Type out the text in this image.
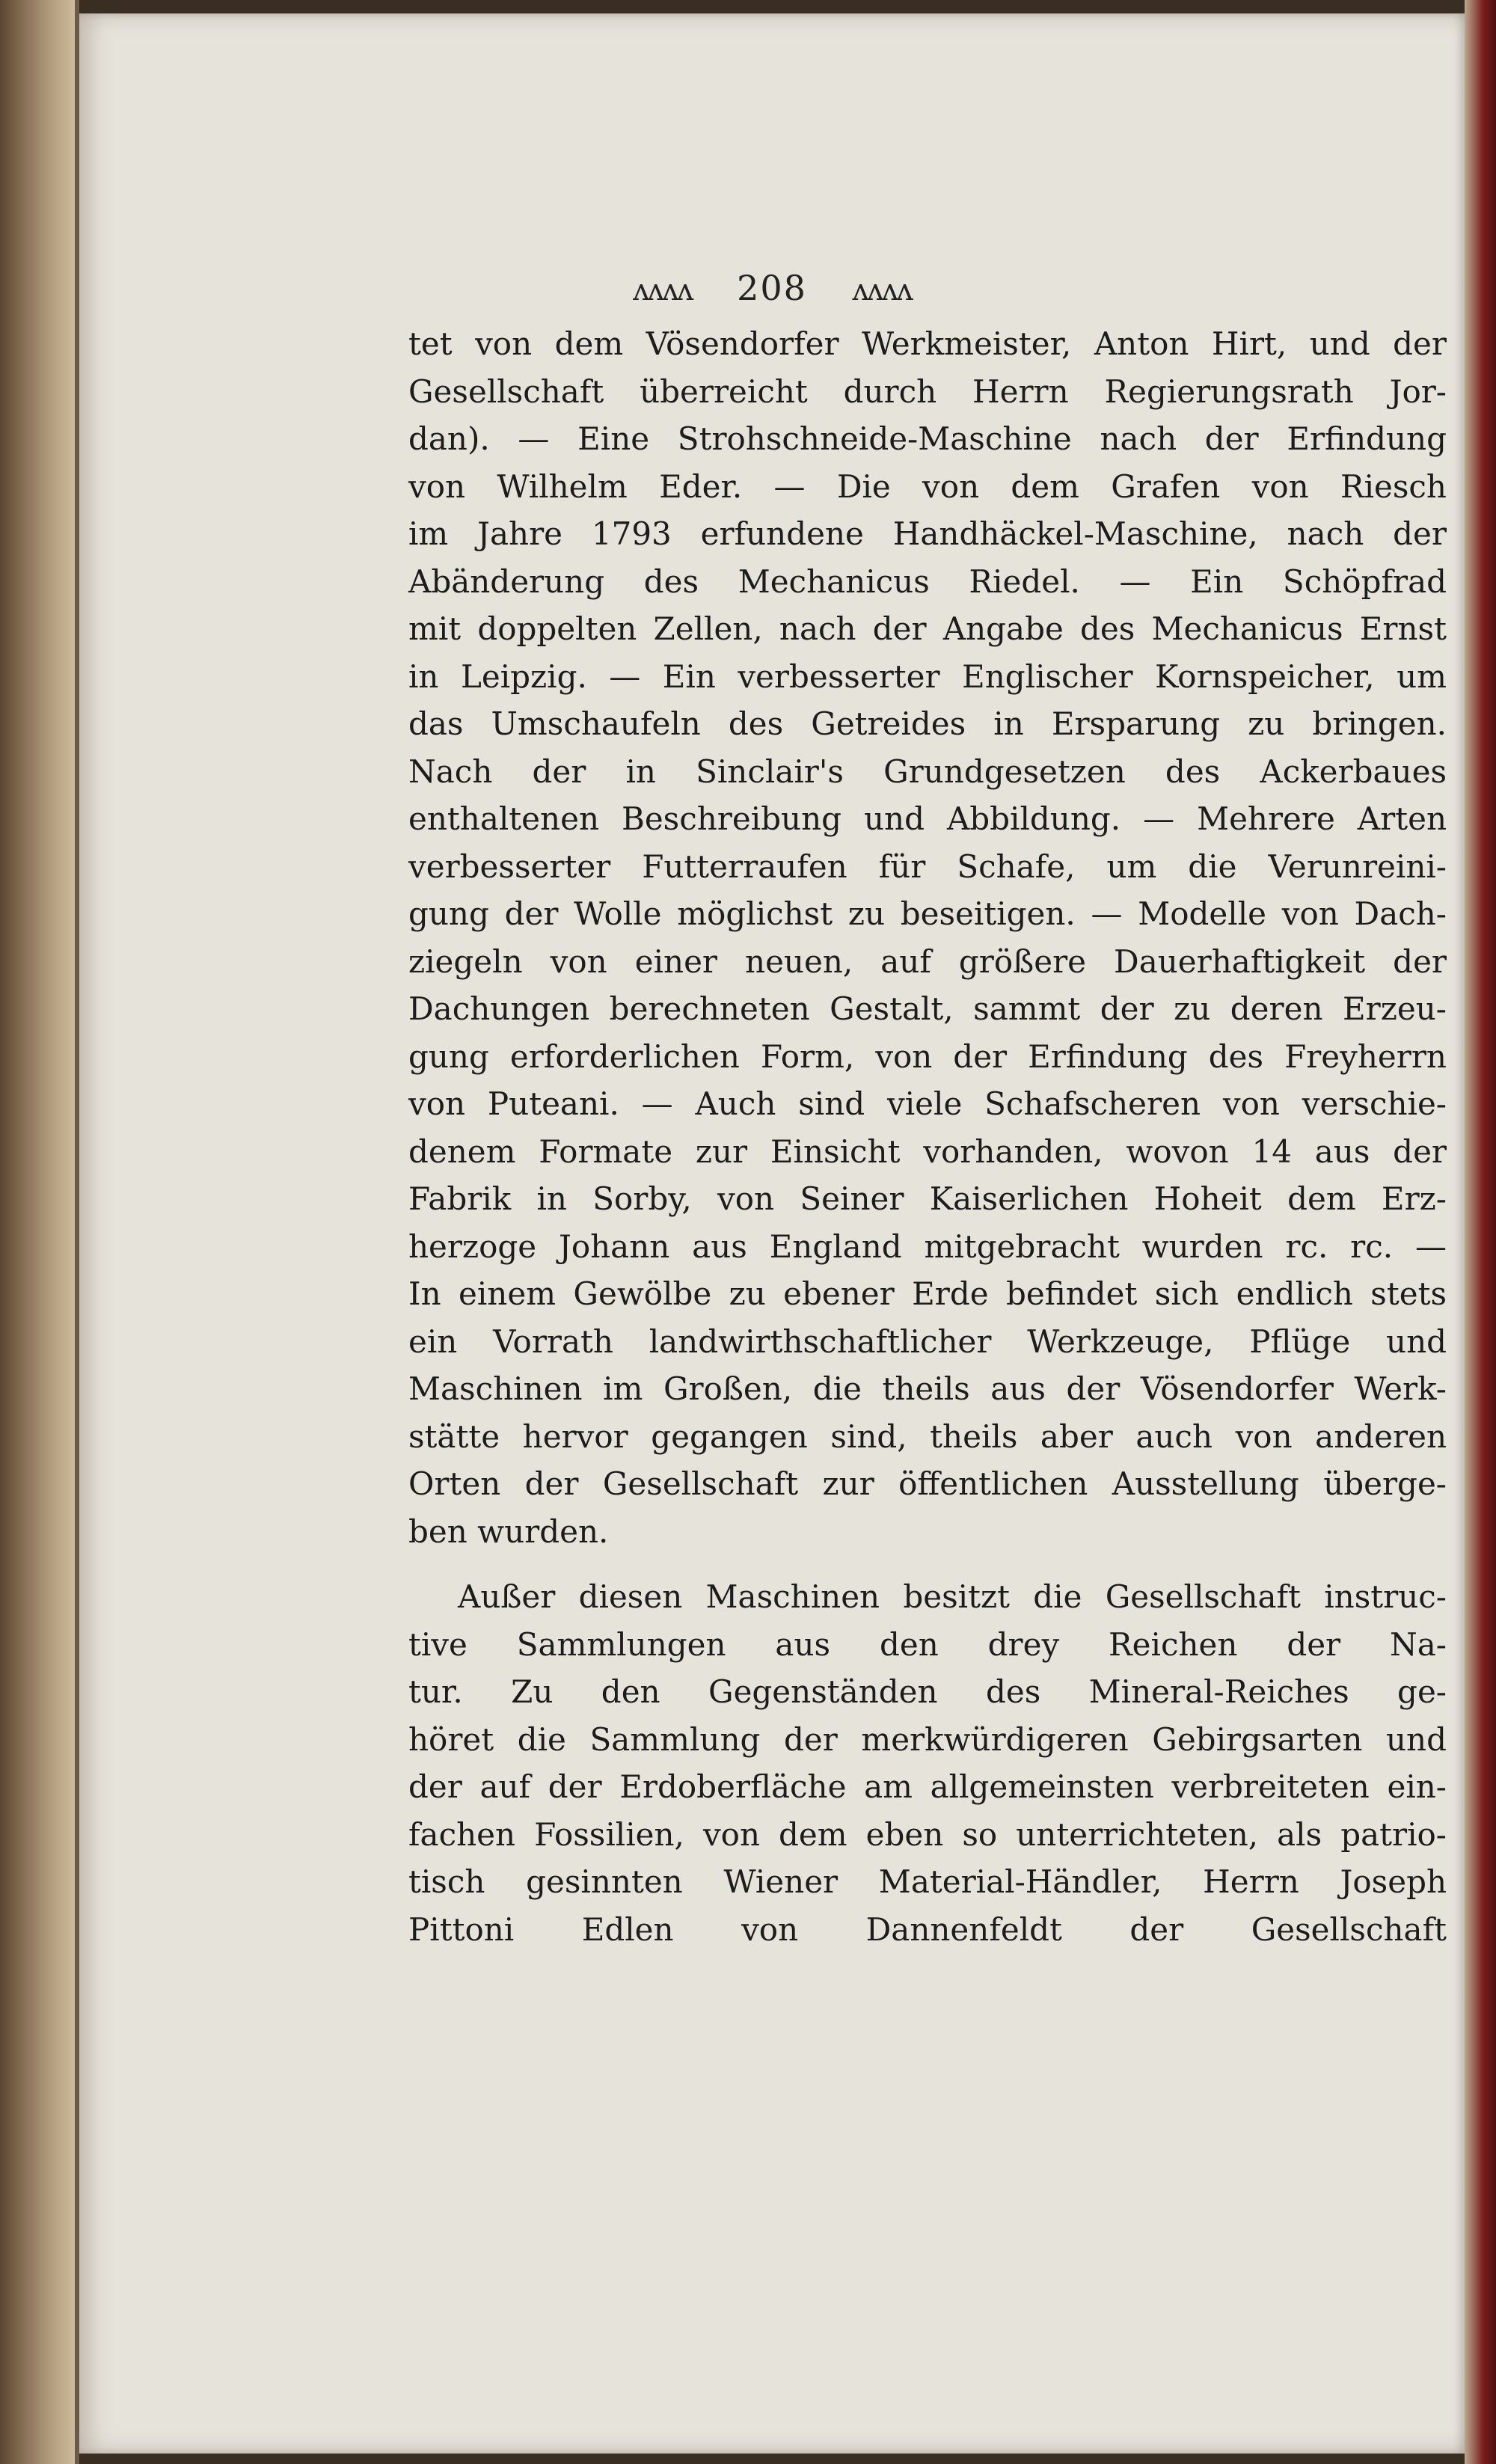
ʌʌʌʌ 208 ʌʌʌʌ
tet von dem Vösendorfer Werkmeister, Anton Hirt, und der
Gesellschaft überreicht durch Herrn Regierungsrath Jor-
dan). — Eine Strohschneide-Maschine nach der Erfindung
von Wilhelm Eder. — Die von dem Grafen von Riesch
im Jahre 1793 erfundene Handhäckel-Maschine, nach der
Abänderung des Mechanicus Riedel. — Ein Schöpfrad
mit doppelten Zellen, nach der Angabe des Mechanicus Ernst
in Leipzig. — Ein verbesserter Englischer Kornspeicher, um
das Umschaufeln des Getreides in Ersparung zu bringen.
Nach der in Sinclair's Grundgesetzen des Ackerbaues
enthaltenen Beschreibung und Abbildung. — Mehrere Arten
verbesserter Futterraufen für Schafe, um die Verunreini-
gung der Wolle möglichst zu beseitigen. — Modelle von Dach-
ziegeln von einer neuen, auf größere Dauerhaftigkeit der
Dachungen berechneten Gestalt, sammt der zu deren Erzeu-
gung erforderlichen Form, von der Erfindung des Freyherrn
von Puteani. — Auch sind viele Schafscheren von verschie-
denem Formate zur Einsicht vorhanden, wovon 14 aus der
Fabrik in Sorby, von Seiner Kaiserlichen Hoheit dem Erz-
herzoge Johann aus England mitgebracht wurden rc. rc. —
In einem Gewölbe zu ebener Erde befindet sich endlich stets
ein Vorrath landwirthschaftlicher Werkzeuge, Pflüge und
Maschinen im Großen, die theils aus der Vösendorfer Werk-
stätte hervor gegangen sind, theils aber auch von anderen
Orten der Gesellschaft zur öffentlichen Ausstellung überge-
ben wurden.
Außer diesen Maschinen besitzt die Gesellschaft instruc-
tive Sammlungen aus den drey Reichen der Na-
tur. Zu den Gegenständen des Mineral-Reiches ge-
höret die Sammlung der merkwürdigeren Gebirgsarten und
der auf der Erdoberfläche am allgemeinsten verbreiteten ein-
fachen Fossilien, von dem eben so unterrichteten, als patrio-
tisch gesinnten Wiener Material-Händler, Herrn Joseph
Pittoni Edlen von Dannenfeldt der Gesellschaft
